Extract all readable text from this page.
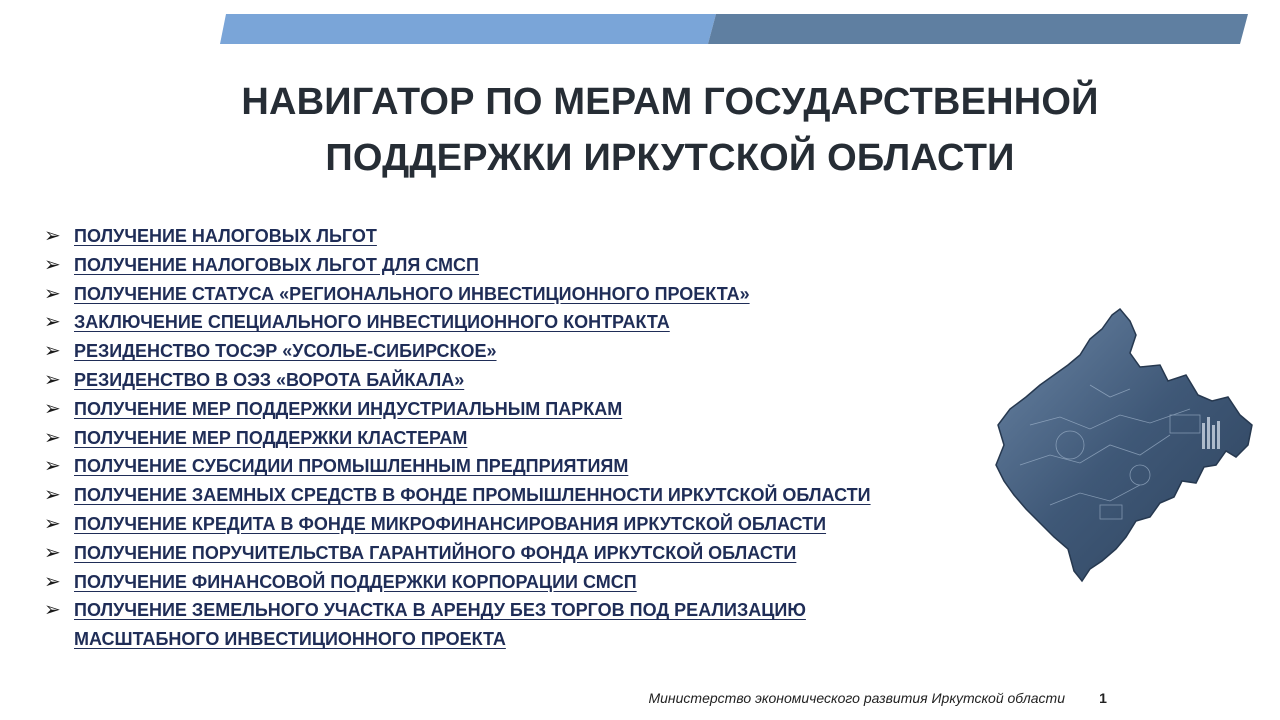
НАВИГАТОР ПО МЕРАМ ГОСУДАРСТВЕННОЙ
ПОДДЕРЖКИ ИРКУТСКОЙ ОБЛАСТИ
➢ ПОЛУЧЕНИЕ НАЛОГОВЫХ ЛЬГОТ
➢ ПОЛУЧЕНИЕ НАЛОГОВЫХ ЛЬГОТ ДЛЯ СМСП
➢ ПОЛУЧЕНИЕ СТАТУСА «РЕГИОНАЛЬНОГО ИНВЕСТИЦИОННОГО ПРОЕКТА»
➢ ЗАКЛЮЧЕНИЕ СПЕЦИАЛЬНОГО ИНВЕСТИЦИОННОГО КОНТРАКТА
➢ РЕЗИДЕНСТВО ТОСЭР «УСОЛЬЕ-СИБИРСКОЕ»
➢ РЕЗИДЕНСТВО В ОЭЗ «ВОРОТА БАЙКАЛА»
➢ ПОЛУЧЕНИЕ МЕР ПОДДЕРЖКИ ИНДУСТРИАЛЬНЫМ ПАРКАМ
➢ ПОЛУЧЕНИЕ МЕР ПОДДЕРЖКИ КЛАСТЕРАМ
➢ ПОЛУЧЕНИЕ СУБСИДИИ ПРОМЫШЛЕННЫМ ПРЕДПРИЯТИЯМ
➢ ПОЛУЧЕНИЕ ЗАЕМНЫХ СРЕДСТВ В ФОНДЕ ПРОМЫШЛЕННОСТИ ИРКУТСКОЙ ОБЛАСТИ
➢ ПОЛУЧЕНИЕ КРЕДИТА В ФОНДЕ МИКРОФИНАНСИРОВАНИЯ ИРКУТСКОЙ ОБЛАСТИ
➢ ПОЛУЧЕНИЕ ПОРУЧИТЕЛЬСТВА ГАРАНТИЙНОГО ФОНДА ИРКУТСКОЙ ОБЛАСТИ
➢ ПОЛУЧЕНИЕ ФИНАНСОВОЙ ПОДДЕРЖКИ КОРПОРАЦИИ СМСП
➢ ПОЛУЧЕНИЕ ЗЕМЕЛЬНОГО УЧАСТКА В АРЕНДУ БЕЗ ТОРГОВ ПОД РЕАЛИЗАЦИЮ
МАСШТАБНОГО ИНВЕСТИЦИОННОГО ПРОЕКТА
Министерство экономического развития Иркутской области	1
